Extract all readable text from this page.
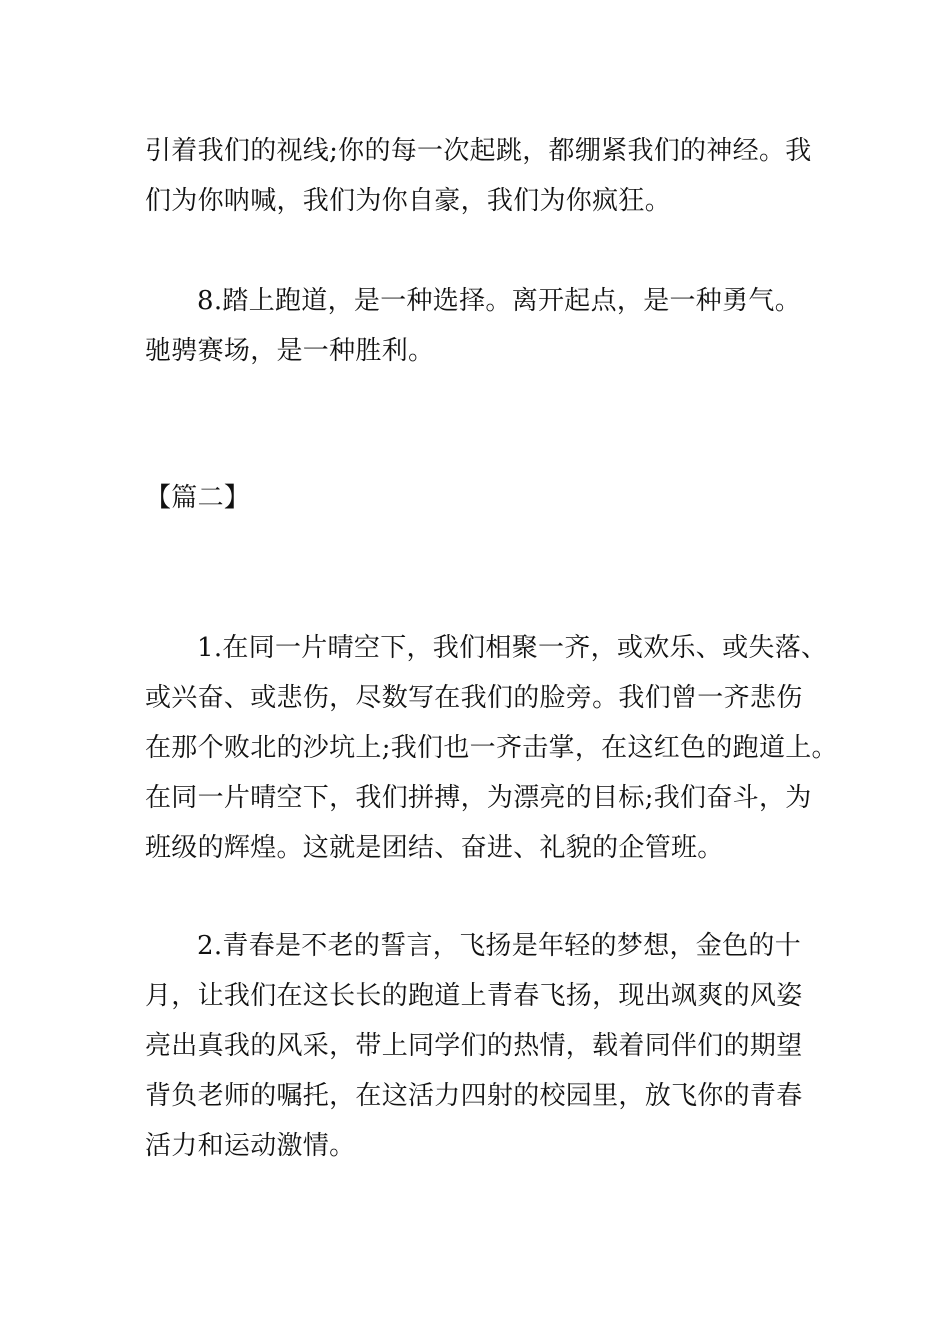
引着我们的视线;你的每一次起跳，都绷紧我们的神经。我
们为你呐喊，我们为你自豪，我们为你疯狂。
8.踏上跑道，是一种选择。离开起点，是一种勇气。
驰骋赛场，是一种胜利。
【篇二】
1.在同一片晴空下，我们相聚一齐，或欢乐、或失落、
或兴奋、或悲伤，尽数写在我们的脸旁。我们曾一齐悲伤
在那个败北的沙坑上;我们也一齐击掌，在这红色的跑道上。
在同一片晴空下，我们拼搏，为漂亮的目标;我们奋斗，为
班级的辉煌。这就是团结、奋进、礼貌的企管班。
2.青春是不老的誓言，飞扬是年轻的梦想，金色的十
月，让我们在这长长的跑道上青春飞扬，现出飒爽的风姿
亮出真我的风采，带上同学们的热情，载着同伴们的期望
背负老师的嘱托，在这活力四射的校园里，放飞你的青春
活力和运动激情。
